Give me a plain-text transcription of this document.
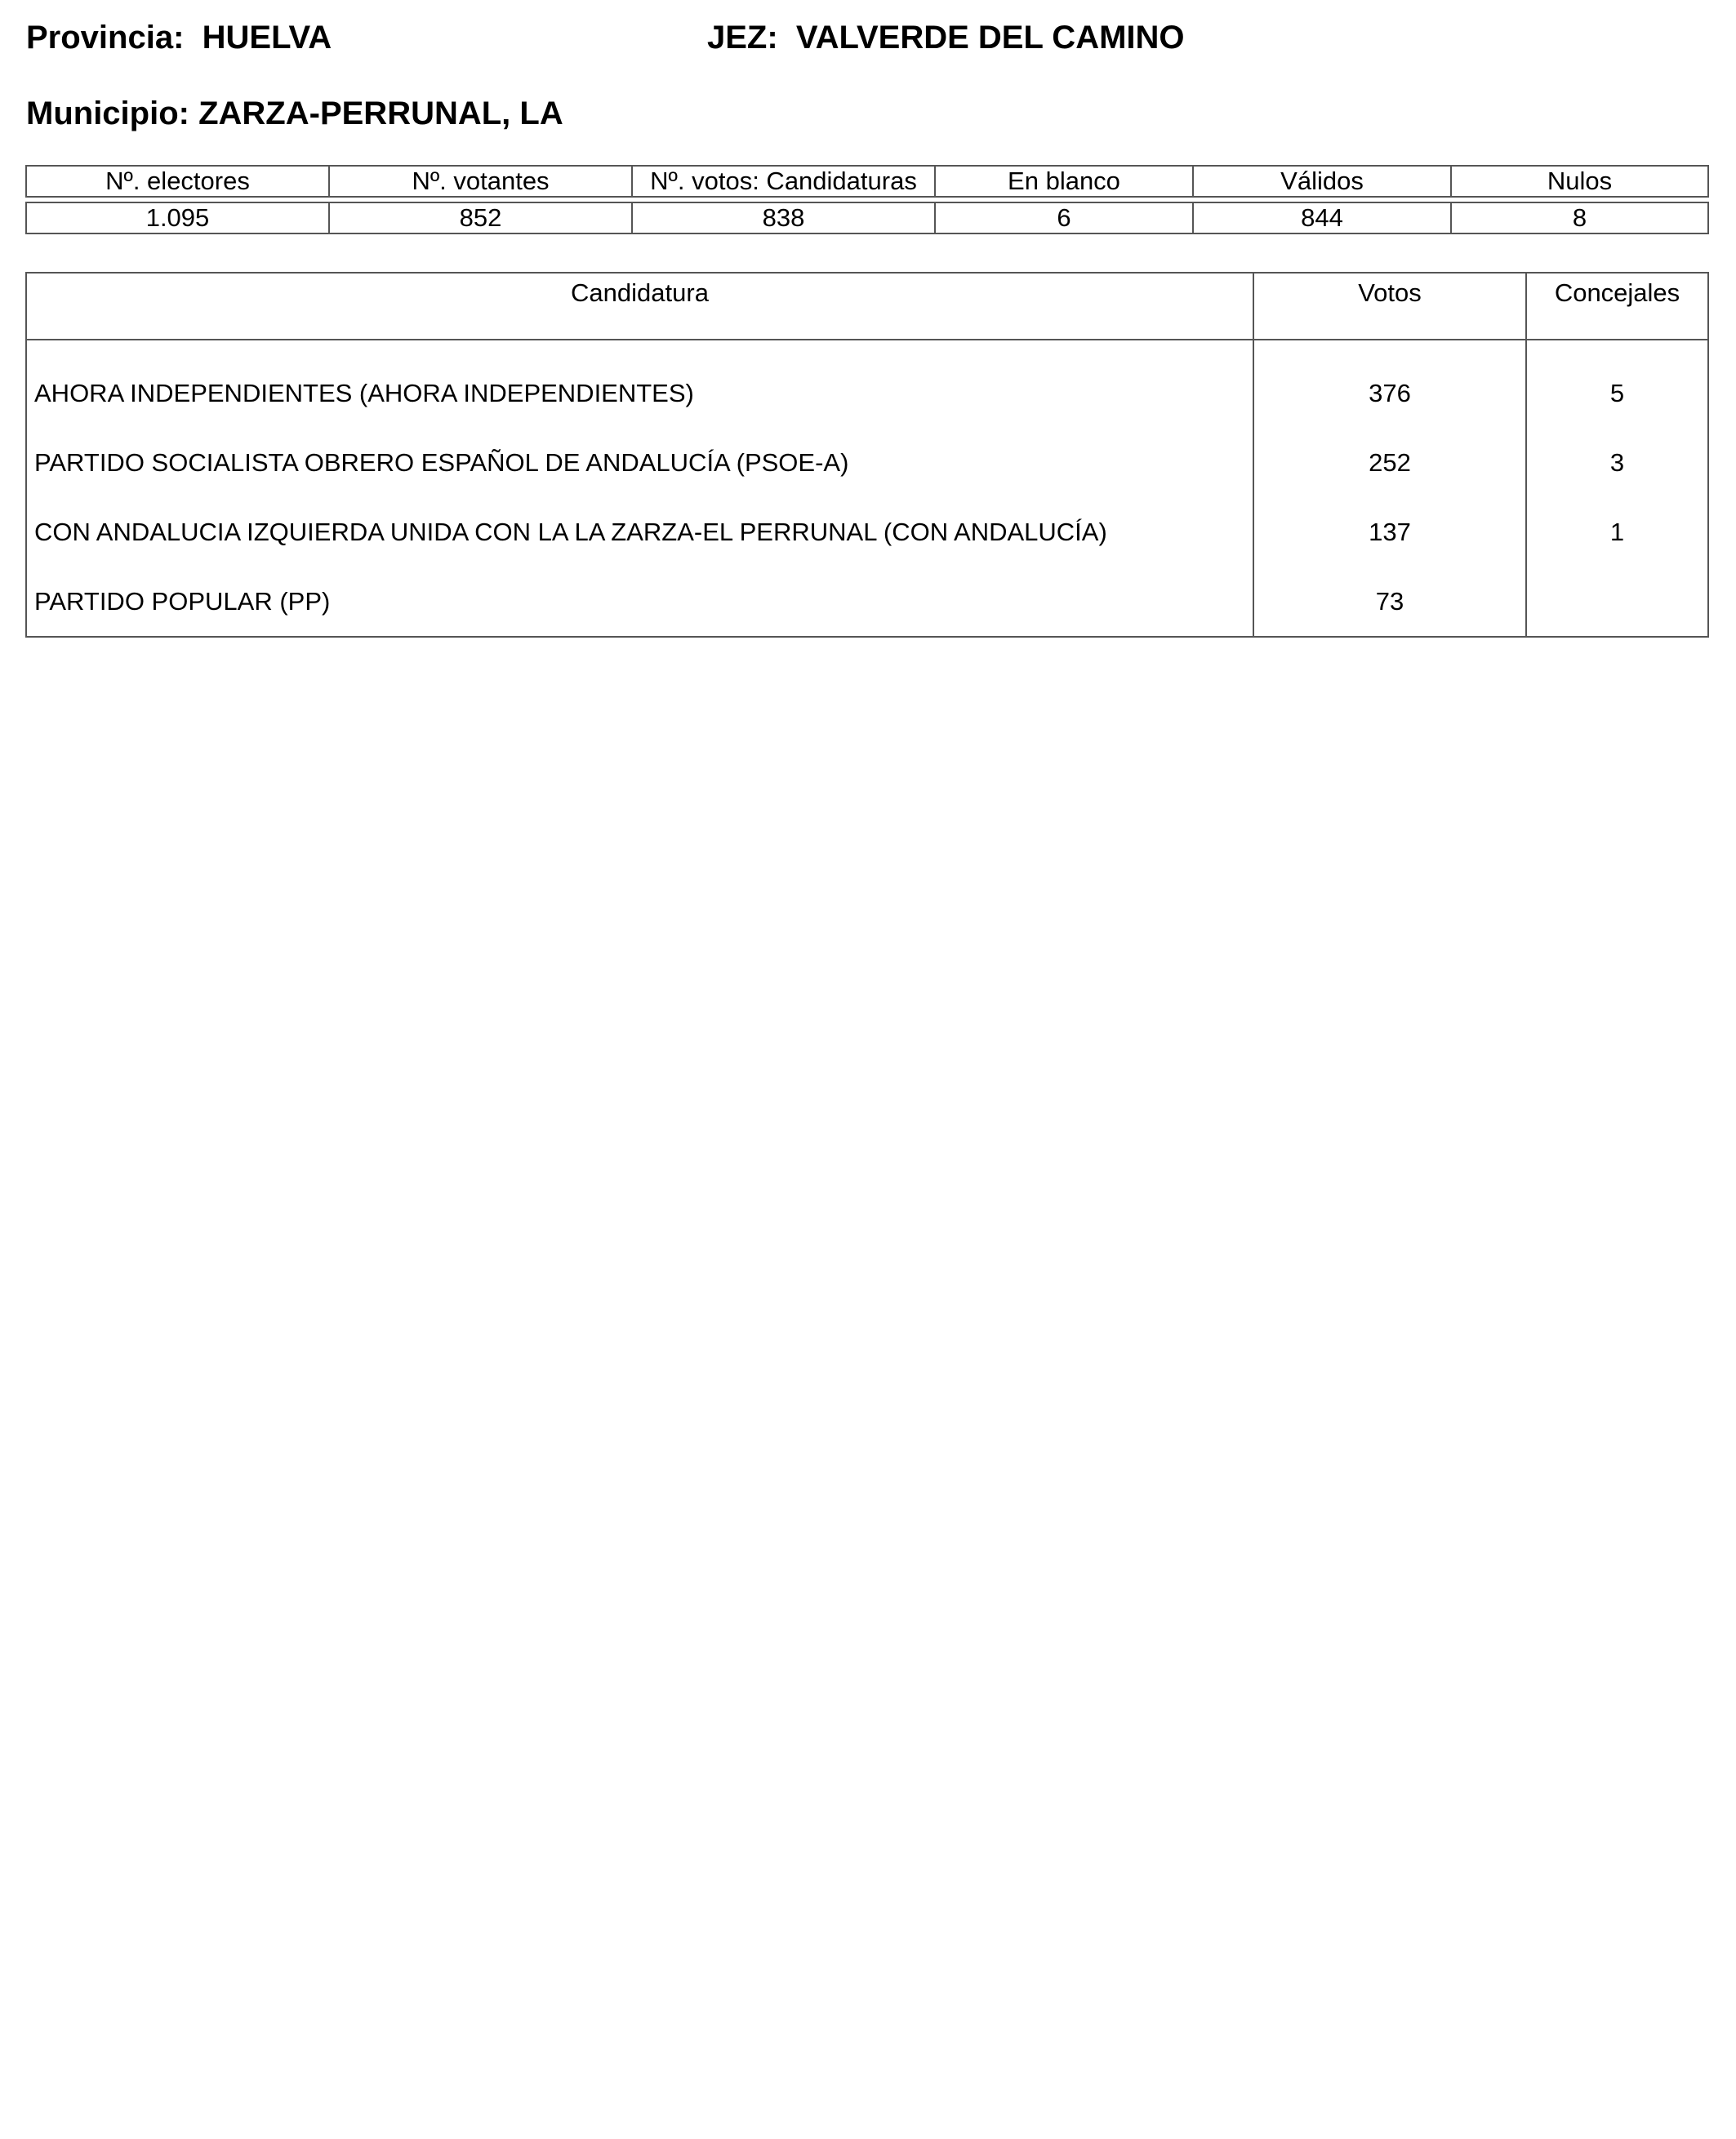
Provincia: HUELVA	JEZ: VALVERDE DEL CAMINO
Municipio: ZARZA-PERRUNAL, LA
Nº. electores	Nº. votantes	Nº. votos: Candidaturas	En blanco	Válidos	Nulos

1.095	852	838	6	844	8
Candidatura	Votos	Concejales
AHORA INDEPENDIENTES (AHORA INDEPENDIENTES)	376	5
PARTIDO SOCIALISTA OBRERO ESPAÑOL DE ANDALUCÍA (PSOE-A)	252	3
CON ANDALUCIA IZQUIERDA UNIDA CON LA LA ZARZA-EL PERRUNAL (CON ANDALUCÍA)	137	1
PARTIDO POPULAR (PP)	73	
